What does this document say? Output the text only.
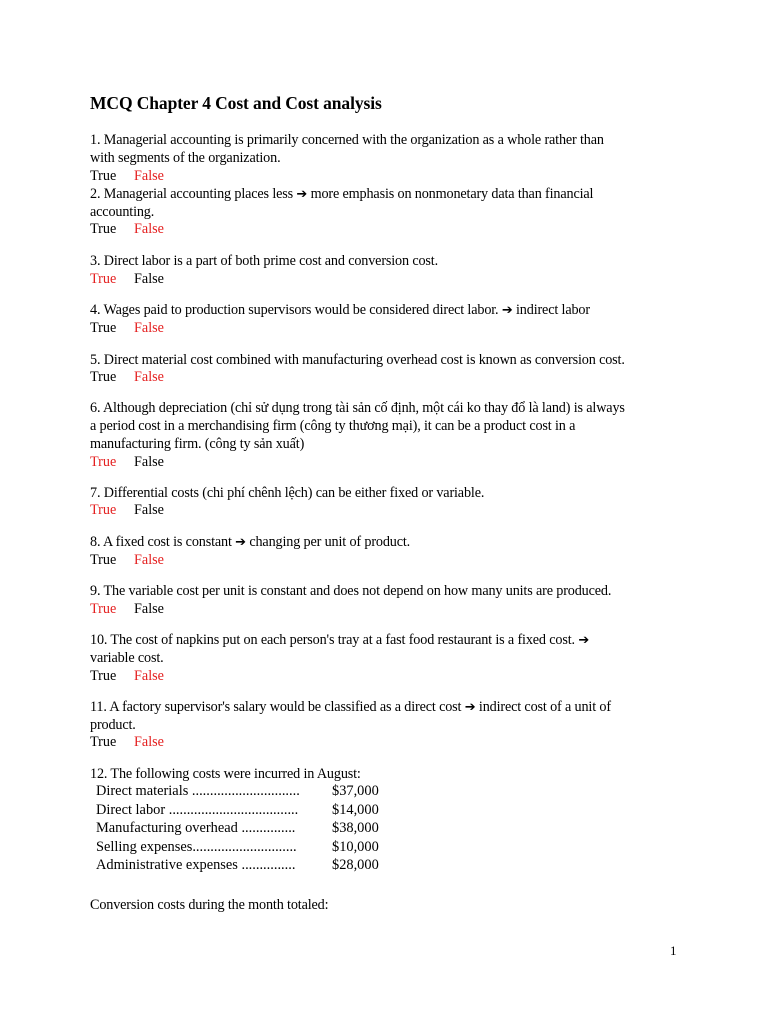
MCQ Chapter 4 Cost and Cost analysis
1. Managerial accounting is primarily concerned with the organization as a whole rather than
with segments of the organization.
True False
2. Managerial accounting places less ➔ more emphasis on nonmonetary data than financial
accounting.
True False
3. Direct labor is a part of both prime cost and conversion cost.
True False
4. Wages paid to production supervisors would be considered direct labor. ➔ indirect labor
True False
5. Direct material cost combined with manufacturing overhead cost is known as conversion cost.
True False
6. Although depreciation (chỉ sử dụng trong tài sản cố định, một cái ko thay đổ là land) is always
a period cost in a merchandising firm (công ty thương mại), it can be a product cost in a
manufacturing firm. (công ty sản xuất)
True False
7. Differential costs (chi phí chênh lệch) can be either fixed or variable.
True False
8. A fixed cost is constant ➔ changing per unit of product.
True False
9. The variable cost per unit is constant and does not depend on how many units are produced.
True False
10. The cost of napkins put on each person's tray at a fast food restaurant is a fixed cost. ➔
variable cost.
True False
11. A factory supervisor's salary would be classified as a direct cost ➔ indirect cost of a unit of
product.
True False
12. The following costs were incurred in August:
Direct materials .............................. $37,000
Direct labor .................................... $14,000
Manufacturing overhead ...............	$38,000
Selling expenses............................. $10,000
Administrative expenses ...............	$28,000
Conversion costs during the month totaled:
1
